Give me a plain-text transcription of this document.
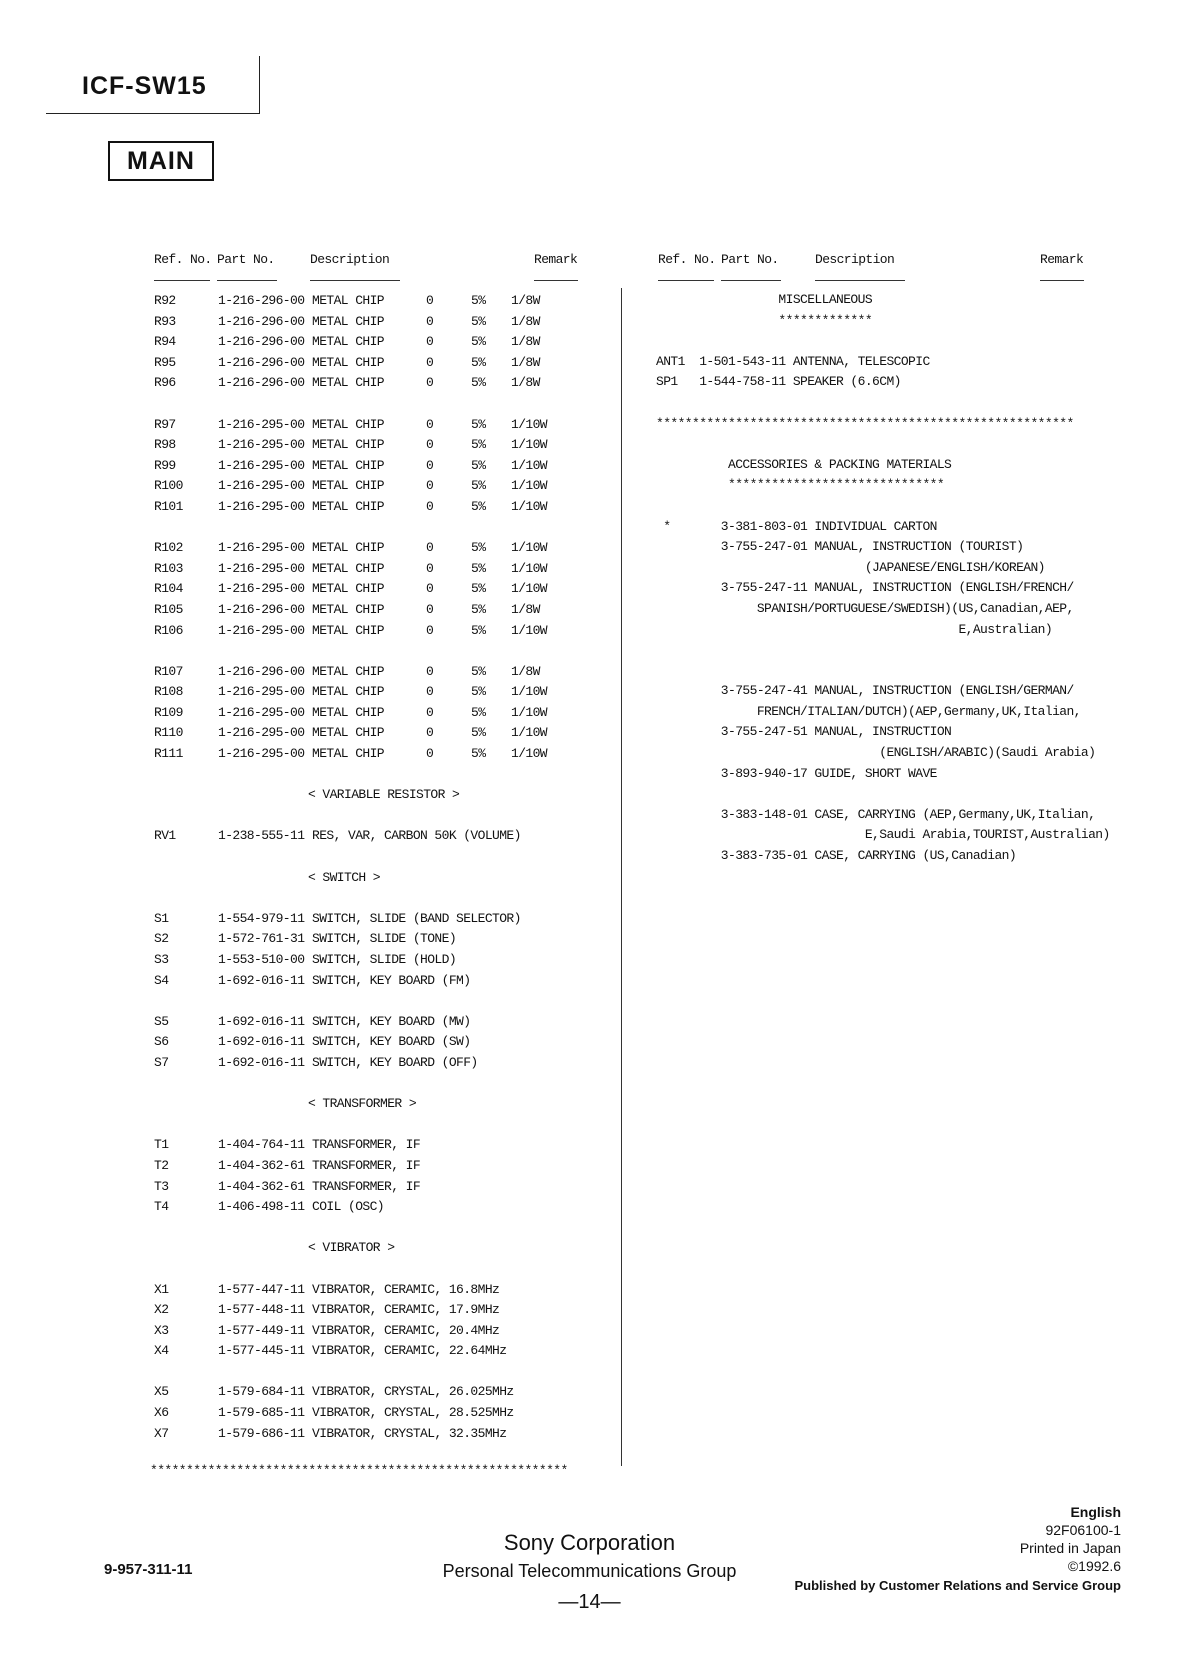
ICF-SW15
MAIN
Ref. No. Part No.	Description	Remark	Ref. No. Part No.	Description	Remark
R92	1-216-296-00 METAL CHIP	0	5% 1/8W
R93	1-216-296-00 METAL CHIP	0	5% 1/8W
R94	1-216-296-00 METAL CHIP	0	5% 1/8W
R95	1-216-296-00 METAL CHIP	0	5% 1/8W
R96	1-216-296-00 METAL CHIP	0	5% 1/8W
R97	1-216-295-00 METAL CHIP	0	5% 1/10W
R98	1-216-295-00 METAL CHIP	0	5% 1/10W
R99	1-216-295-00 METAL CHIP	0	5% 1/10W
R100	1-216-295-00 METAL CHIP	0	5% 1/10W
R101	1-216-295-00 METAL CHIP	0	5% 1/10W
R102	1-216-295-00 METAL CHIP	0	5% 1/10W
R103	1-216-295-00 METAL CHIP	0	5% 1/10W
R104	1-216-295-00 METAL CHIP	0	5% 1/10W
R105	1-216-296-00 METAL CHIP	0	5% 1/8W
R106	1-216-295-00 METAL CHIP	0	5% 1/10W
R107	1-216-296-00 METAL CHIP	0	5% 1/8W
R108	1-216-295-00 METAL CHIP	0	5% 1/10W
R109	1-216-295-00 METAL CHIP	0	5% 1/10W
R110	1-216-295-00 METAL CHIP	0	5% 1/10W
R111	1-216-295-00 METAL CHIP	0	5% 1/10W
< VARIABLE RESISTOR >
RV1	1-238-555-11 RES, VAR, CARBON 50K (VOLUME)
< SWITCH >
S1	1-554-979-11 SWITCH, SLIDE (BAND SELECTOR)
S2	1-572-761-31 SWITCH, SLIDE (TONE)
S3	1-553-510-00 SWITCH, SLIDE (HOLD)
S4	1-692-016-11 SWITCH, KEY BOARD (FM)
S5	1-692-016-11 SWITCH, KEY BOARD (MW)
S6	1-692-016-11 SWITCH, KEY BOARD (SW)
S7	1-692-016-11 SWITCH, KEY BOARD (OFF)
< TRANSFORMER >
T1	1-404-764-11 TRANSFORMER, IF
T2	1-404-362-61 TRANSFORMER, IF
T3	1-404-362-61 TRANSFORMER, IF
T4	1-406-498-11 COIL (OSC)
< VIBRATOR >
X1	1-577-447-11 VIBRATOR, CERAMIC, 16.8MHz
X2	1-577-448-11 VIBRATOR, CERAMIC, 17.9MHz
X3	1-577-449-11 VIBRATOR, CERAMIC, 20.4MHz
X4	1-577-445-11 VIBRATOR, CERAMIC, 22.64MHz
X5	1-579-684-11 VIBRATOR, CRYSTAL, 26.025MHz
X6	1-579-685-11 VIBRATOR, CRYSTAL, 28.525MHz
X7	1-579-686-11 VIBRATOR, CRYSTAL, 32.35MHz
**********************************************************
MISCELLANEOUS
*************
ANT1  1-501-543-11 ANTENNA, TELESCOPIC
SP1   1-544-758-11 SPEAKER (6.6CM)
**********************************************************
ACCESSORIES & PACKING MATERIALS
******************************
*       3-381-803-01 INDIVIDUAL CARTON
3-755-247-01 MANUAL, INSTRUCTION (TOURIST)
(JAPANESE/ENGLISH/KOREAN)
3-755-247-11 MANUAL, INSTRUCTION (ENGLISH/FRENCH/
SPANISH/PORTUGUESE/SWEDISH)(US,Canadian,AEP,
E,Australian)
3-755-247-41 MANUAL, INSTRUCTION (ENGLISH/GERMAN/
FRENCH/ITALIAN/DUTCH)(AEP,Germany,UK,Italian,
3-755-247-51 MANUAL, INSTRUCTION
(ENGLISH/ARABIC)(Saudi Arabia)
3-893-940-17 GUIDE, SHORT WAVE
3-383-148-01 CASE, CARRYING (AEP,Germany,UK,Italian,
E,Saudi Arabia,TOURIST,Australian)
3-383-735-01 CASE, CARRYING (US,Canadian)
9-957-311-11
Sony Corporation
Personal Telecommunications Group
—14—
English
92F06100-1
Printed in Japan
©1992.6
Published by Customer Relations and Service Group
